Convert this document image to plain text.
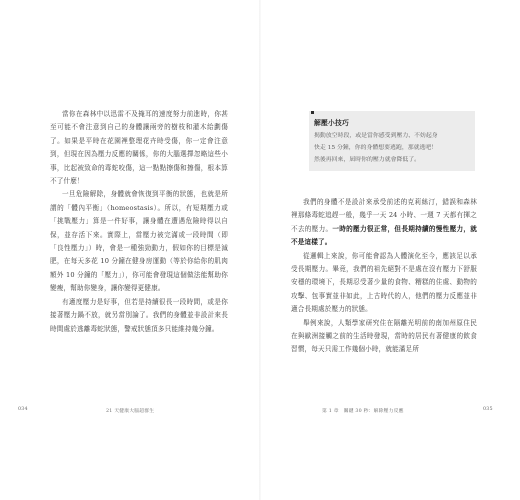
當你在森林中以迅雷不及掩耳的速度努力前進時，你甚至可能不會注意到自己的身體讓兩旁的樹枝和灌木給劃傷了。如果是平時在花園裡整理花卉時受傷，你一定會注意到，但現在因為壓力反應的關係，你的大腦選擇忽略這些小事，比起被致命的毒蛇咬傷，這一點點擦傷和擦傷，根本算不了什麼！

一旦危險解除，身體就會恢復到平衡的狀態，也就是所謂的「體內平衡」（homeostasis）。所以，有短期壓力或「挑戰壓力」算是一件好事，讓身體在遭遇危險時得以自保，並存活下來。實際上，當壓力被完滿或一段時間（即「良性壓力」）時，會是一種強勁動力，假如你的目標是減肥，在每天多花 10 分鐘在健身房運動（等於你給你的肌肉額外 10 分鐘的「壓力」），你可能會發現這個做法能幫助你變瘦，幫助你變身，讓你變得更健康。

有適度壓力是好事，但若是持續很長一段時間，或是你接著壓力鍋不放，就另當別論了。我們的身體並非設計來長時間處於逃離毒蛇狀態，警戒狀態頂多只能維持幾分鐘。

解壓小技巧
揭動放空時段，或是當你感受到壓力、不妨起身
快走 15 分鐘，你的身體想要逃跑，那就逃吧！
然後再回來，屆時你的壓力就會降低了。

我們的身體不是設計來承受前述的克莉絲汀，錯誤和森林裡那條毒蛇追趕一般，幾乎一天 24 小時、一週 7 天都有揮之不去的壓力。一時的壓力很正常，但長期持續的慢性壓力，就不是這樣了。

從邏輯上來說，你可能會認為人體演化至今，應該足以承受長期壓力。畢竟，我們的祖先絕對不是處在沒有壓力下舒服安穩的環境下，長期忍受著少量的食物、糟糕的住處、動物的攻擊、包事實並非如此，上古時代的人，他們的壓力反應並非適合長期處於壓力的狀態。

舉例來說，人類學家研究住在隔離光明前的南加州原住民在與歐洲接觸之前的生活時發現，當時的居民有著健康的飲食習慣，每天只需工作幾個小時，就能滿足所

034	21 天健康大腦超群生	第 1 章　關鍵 30 秒：解除壓力反應	035
